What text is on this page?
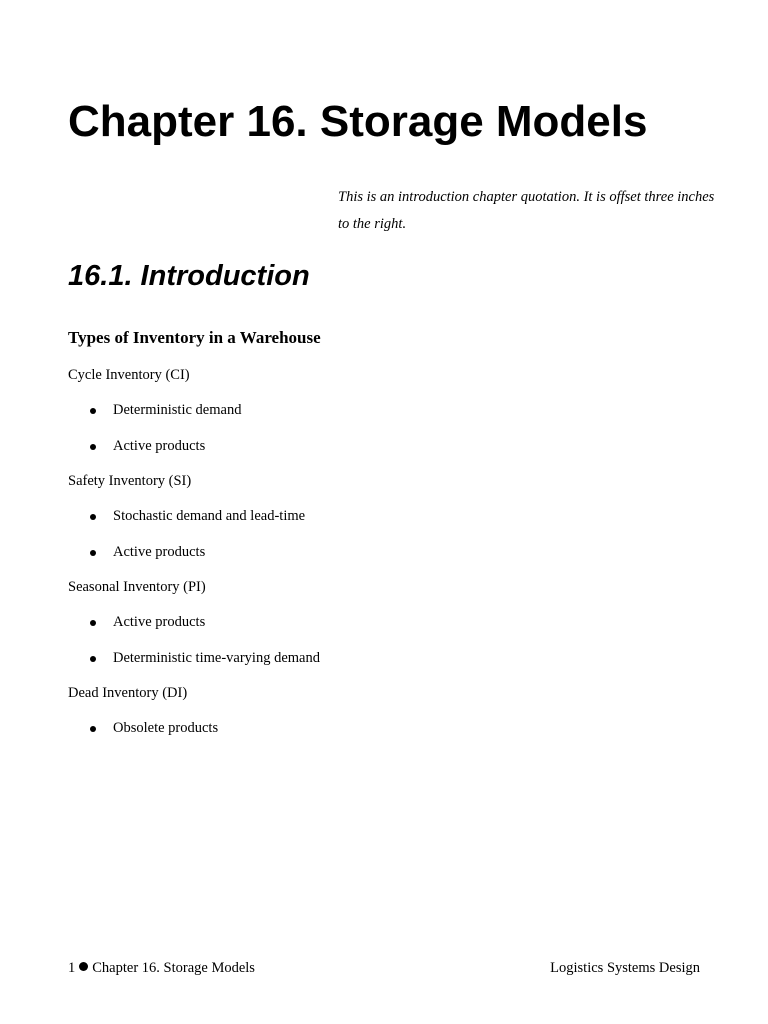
Chapter 16. Storage Models

This is an introduction chapter quotation. It is offset three inches to the right.

16.1. Introduction
Types of Inventory in a Warehouse

Cycle Inventory (CI)

Deterministic demand
Active products

Safety Inventory (SI)

Stochastic demand and lead-time
Active products

Seasonal Inventory (PI)

Active products
Deterministic time-varying demand

Dead Inventory (DI)

Obsolete products
1 Chapter 16. Storage Models	Logistics Systems Design
